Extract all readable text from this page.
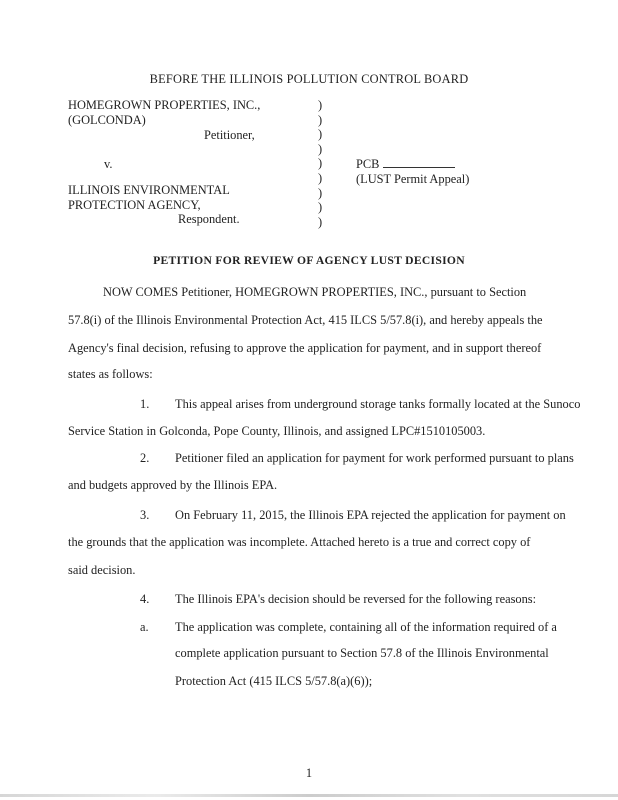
BEFORE THE ILLINOIS POLLUTION CONTROL BOARD
HOMEGROWN PROPERTIES, INC.,
(GOLCONDA)
Petitioner,
v.
ILLINOIS ENVIRONMENTAL
PROTECTION AGENCY,
Respondent.
)
)
)
)
)
)
)
)
)
PCB
(LUST Permit Appeal)
PETITION FOR REVIEW OF AGENCY LUST DECISION
NOW COMES Petitioner, HOMEGROWN PROPERTIES, INC., pursuant to Section
57.8(i) of the Illinois Environmental Protection Act, 415 ILCS 5/57.8(i), and hereby appeals the
Agency's final decision, refusing to approve the application for payment, and in support thereof
states as follows:
1. This appeal arises from underground storage tanks formally located at the Sunoco
Service Station in Golconda, Pope County, Illinois, and assigned LPC#1510105003.
2. Petitioner filed an application for payment for work performed pursuant to plans
and budgets approved by the Illinois EPA.
3. On February 11, 2015, the Illinois EPA rejected the application for payment on
the grounds that the application was incomplete. Attached hereto is a true and correct copy of
said decision.
4. The Illinois EPA's decision should be reversed for the following reasons:
a. The application was complete, containing all of the information required of a
complete application pursuant to Section 57.8 of the Illinois Environmental
Protection Act (415 ILCS 5/57.8(a)(6));
1
